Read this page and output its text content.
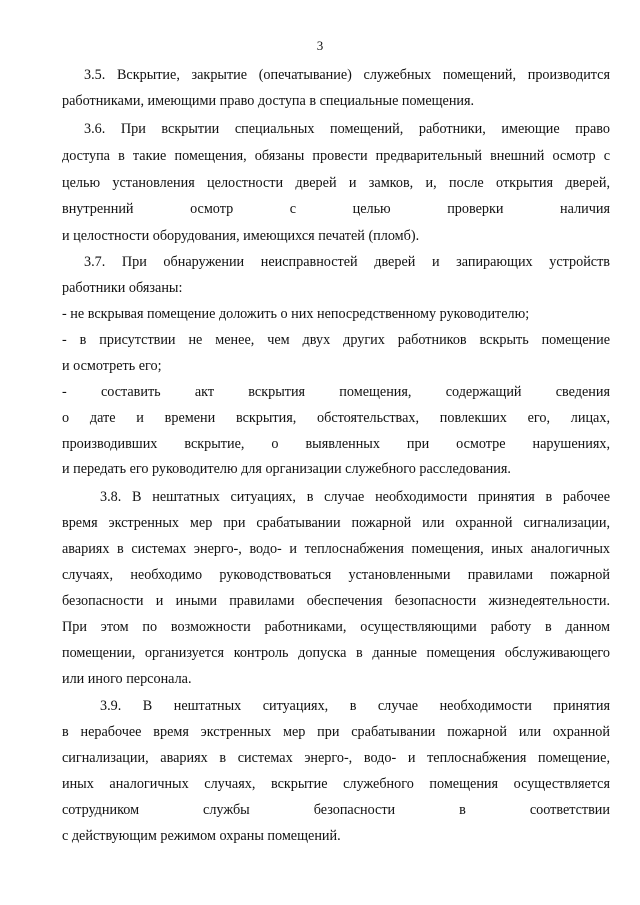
3
3.5. Вскрытие, закрытие (опечатывание) служебных помещений, производится
работниками, имеющими право доступа в специальные помещения.
3.6. При вскрытии специальных помещений, работники, имеющие право
доступа в такие помещения, обязаны провести предварительный внешний осмотр с
целью установления целостности дверей и замков, и, после открытия дверей,
внутренний осмотр с целью проверки наличия
и целостности оборудования, имеющихся печатей (пломб).
3.7. При обнаружении неисправностей дверей и запирающих устройств
работники обязаны:
- не вскрывая помещение доложить о них непосредственному руководителю;
- в присутствии не менее, чем двух других работников вскрыть помещение
и осмотреть его;
- составить акт вскрытия помещения, содержащий сведения
о дате и времени вскрытия, обстоятельствах, повлекших его, лицах,
производивших вскрытие, о выявленных при осмотре нарушениях,
и передать его руководителю для организации служебного расследования.
3.8. В нештатных ситуациях, в случае необходимости принятия в рабочее
время экстренных мер при срабатывании пожарной или охранной сигнализации,
авариях в системах энерго-, водо- и теплоснабжения помещения, иных аналогичных
случаях, необходимо руководствоваться установленными правилами пожарной
безопасности и иными правилами обеспечения безопасности жизнедеятельности.
При этом по возможности работниками, осуществляющими работу в данном
помещении, организуется контроль допуска в данные помещения обслуживающего
или иного персонала.
3.9. В нештатных ситуациях, в случае необходимости принятия
в нерабочее время экстренных мер при срабатывании пожарной или охранной
сигнализации, авариях в системах энерго-, водо- и теплоснабжения помещение,
иных аналогичных случаях, вскрытие служебного помещения осуществляется
сотрудником службы безопасности в соответствии
с действующим режимом охраны помещений.
